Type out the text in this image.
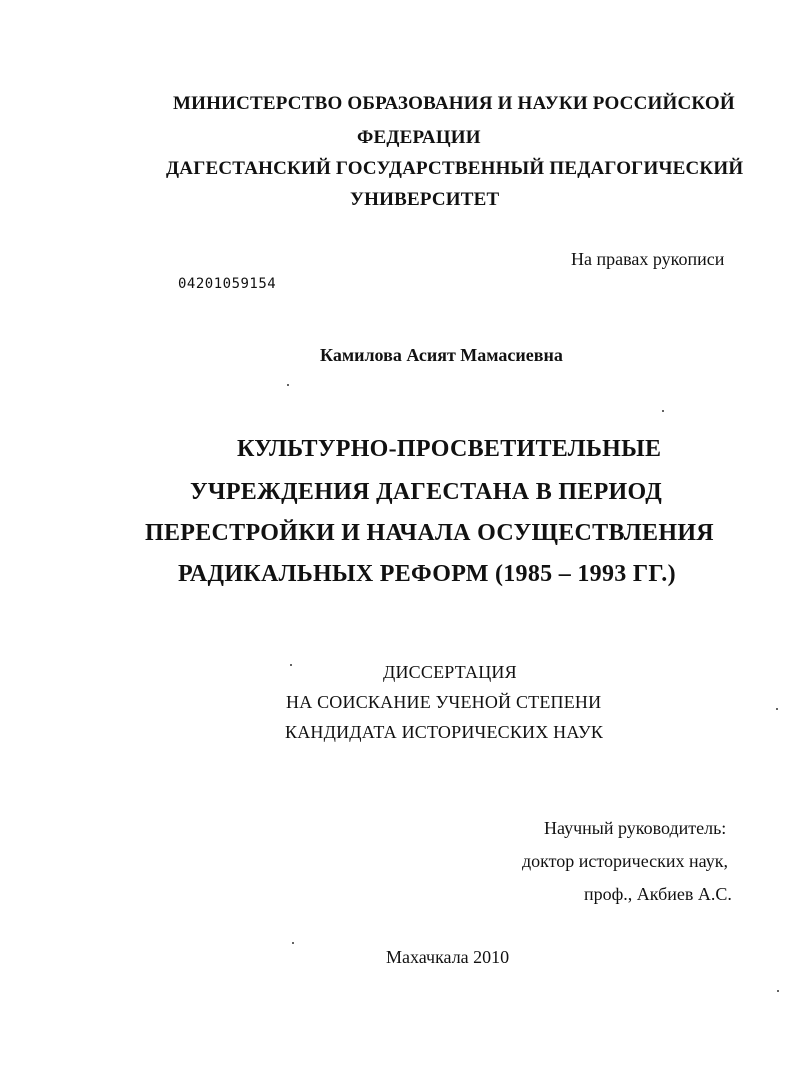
МИНИСТЕРСТВО ОБРАЗОВАНИЯ И НАУКИ РОССИЙСКОЙ
ФЕДЕРАЦИИ
ДАГЕСТАНСКИЙ ГОСУДАРСТВЕННЫЙ ПЕДАГОГИЧЕСКИЙ
УНИВЕРСИТЕТ
На правах рукописи
04201059154
Камилова Асият Мамасиевна
КУЛЬТУРНО-ПРОСВЕТИТЕЛЬНЫЕ
УЧРЕЖДЕНИЯ ДАГЕСТАНА В ПЕРИОД
ПЕРЕСТРОЙКИ И НАЧАЛА ОСУЩЕСТВЛЕНИЯ
РАДИКАЛЬНЫХ РЕФОРМ (1985 – 1993 ГГ.)
ДИССЕРТАЦИЯ
НА СОИСКАНИЕ УЧЕНОЙ СТЕПЕНИ
КАНДИДАТА ИСТОРИЧЕСКИХ НАУК
Научный руководитель:
доктор исторических наук,
проф., Акбиев А.С.
Махачкала 2010
